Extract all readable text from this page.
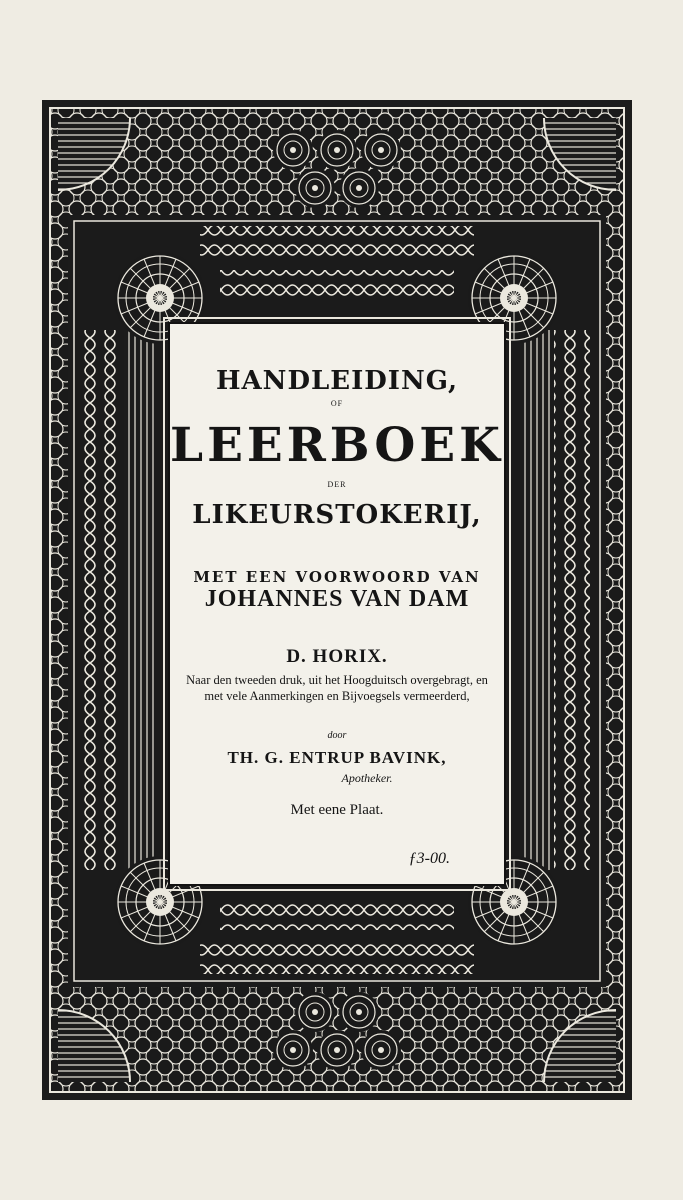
HANDLEIDING,
OF
LEERBOEK
DER
LIKEURSTOKERIJ,
MET EEN VOORWOORD VAN
JOHANNES VAN DAM
D. HORIX.
Naar den tweeden druk, uit het Hoogduitsch overgebragt, en met vele Aanmerkingen en Bijvoegsels vermeerderd,
door
TH. G. ENTRUP BAVINK,
Apotheker.
Met eene Plaat.
ƒ3-00.
